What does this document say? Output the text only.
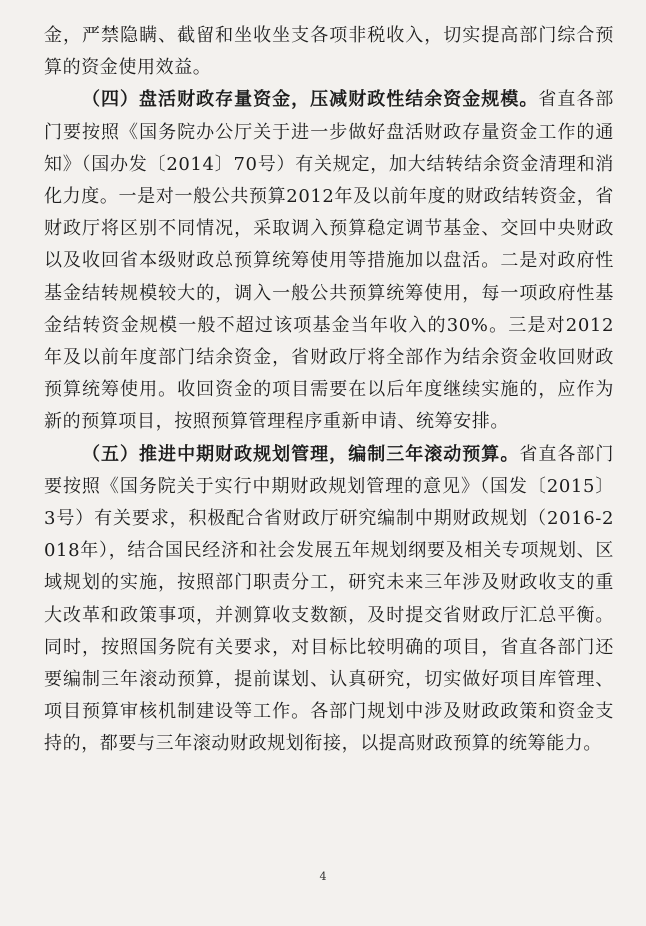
金，严禁隐瞒、截留和坐收坐支各项非税收入，切实提高部门综合预算的资金使用效益。

（四）盘活财政存量资金，压减财政性结余资金规模。省直各部门要按照《国务院办公厅关于进一步做好盘活财政存量资金工作的通知》（国办发〔2014〕70号）有关规定，加大结转结余资金清理和消化力度。一是对一般公共预算2012年及以前年度的财政结转资金，省财政厅将区别不同情况，采取调入预算稳定调节基金、交回中央财政以及收回省本级财政总预算统筹使用等措施加以盘活。二是对政府性基金结转规模较大的，调入一般公共预算统筹使用，每一项政府性基金结转资金规模一般不超过该项基金当年收入的30%。三是对2012年及以前年度部门结余资金，省财政厅将全部作为结余资金收回财政预算统筹使用。收回资金的项目需要在以后年度继续实施的，应作为新的预算项目，按照预算管理程序重新申请、统筹安排。

（五）推进中期财政规划管理，编制三年滚动预算。省直各部门要按照《国务院关于实行中期财政规划管理的意见》（国发〔2015〕3号）有关要求，积极配合省财政厅研究编制中期财政规划（2016-2018年），结合国民经济和社会发展五年规划纲要及相关专项规划、区域规划的实施，按照部门职责分工，研究未来三年涉及财政收支的重大改革和政策事项，并测算收支数额，及时提交省财政厅汇总平衡。同时，按照国务院有关要求，对目标比较明确的项目，省直各部门还要编制三年滚动预算，提前谋划、认真研究，切实做好项目库管理、项目预算审核机制建设等工作。各部门规划中涉及财政政策和资金支持的，都要与三年滚动财政规划衔接，以提高财政预算的统筹能力。

4
